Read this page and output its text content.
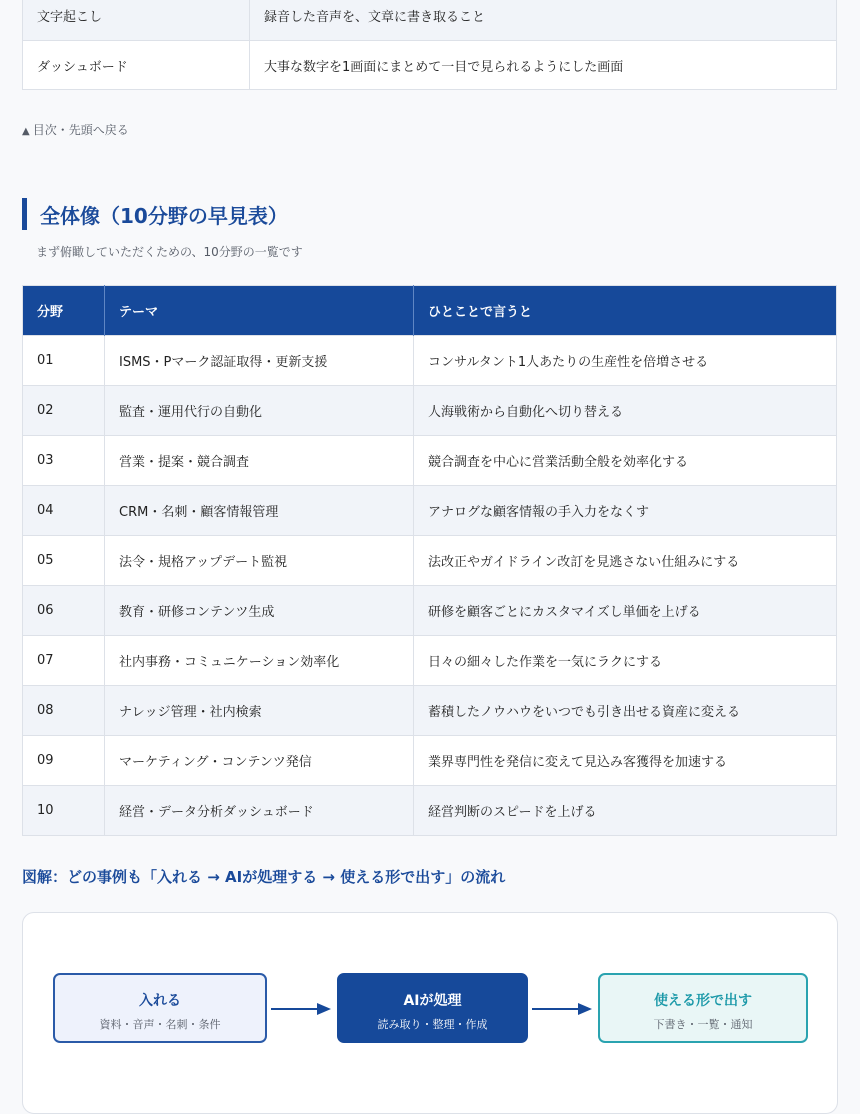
文字起こし	録音した音声を、文章に書き取ること
ダッシュボード	大事な数字を1画面にまとめて一目で見られるようにした画面
▲ 目次・先頭へ戻る
全体像（10分野の早見表）
まず俯瞰していただくための、10分野の一覧です
分野	テーマ	ひとことで言うと
01	ISMS・Pマーク認証取得・更新支援	コンサルタント1人あたりの生産性を倍増させる
02	監査・運用代行の自動化	人海戦術から自動化へ切り替える
03	営業・提案・競合調査	競合調査を中心に営業活動全般を効率化する
04	CRM・名刺・顧客情報管理	アナログな顧客情報の手入力をなくす
05	法令・規格アップデート監視	法改正やガイドライン改訂を見逃さない仕組みにする
06	教育・研修コンテンツ生成	研修を顧客ごとにカスタマイズし単価を上げる
07	社内事務・コミュニケーション効率化	日々の細々した作業を一気にラクにする
08	ナレッジ管理・社内検索	蓄積したノウハウをいつでも引き出せる資産に変える
09	マーケティング・コンテンツ発信	業界専門性を発信に変えて見込み客獲得を加速する
10	経営・データ分析ダッシュボード	経営判断のスピードを上げる
図解：どの事例も「入れる → AIが処理する → 使える形で出す」の流れ
入れる
資料・音声・名刺・条件
AIが処理
読み取り・整理・作成
使える形で出す
下書き・一覧・通知
